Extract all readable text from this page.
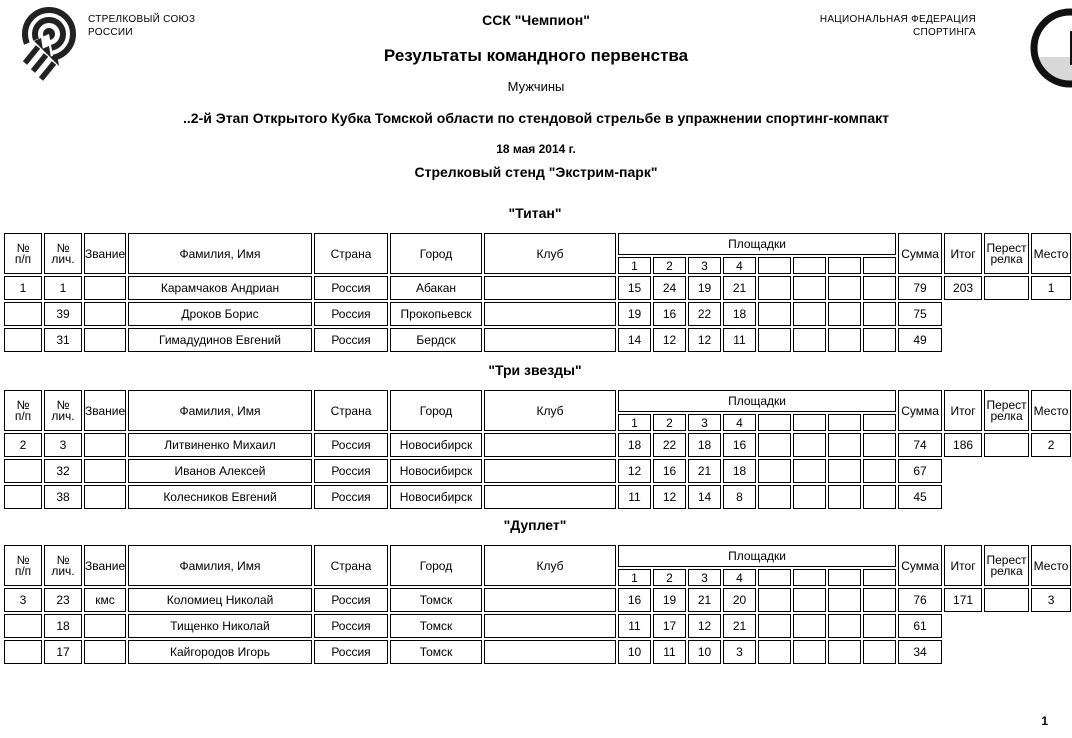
СТРЕЛКОВЫЙ СОЮЗ
РОССИИ
НАЦИОНАЛЬНАЯ ФЕДЕРАЦИЯ
СПОРТИНГА
ССК "Чемпион"
Результаты командного первенства
Мужчины
..2-й Этап Открытого Кубка Томской области по стендовой стрельбе в упражнении спортинг-компакт
18 мая 2014 г.
Стрелковый стенд "Экстрим-парк"
"Титан"
№
п/п	№
лич.	Звание	Фамилия, Имя	Страна	Город	Клуб	Площадки								Сумма	Итог	Перест
релка	Место
							1	2	3	4								
1	1		Карамчаков Андриан	Россия	Абакан		15	24	19	21					79	203		1
	39		Дроков Борис	Россия	Прокопьевск		19	16	22	18					75			
	31		Гимадудинов Евгений	Россия	Бердск		14	12	12	11					49			
"Три звезды"
№
п/п	№
лич.	Звание	Фамилия, Имя	Страна	Город	Клуб	Площадки								Сумма	Итог	Перест
релка	Место
							1	2	3	4								
2	3		Литвиненко Михаил	Россия	Новосибирск		18	22	18	16					74	186		2
	32		Иванов Алексей	Россия	Новосибирск		12	16	21	18					67			
	38		Колесников Евгений	Россия	Новосибирск		11	12	14	8					45			
"Дуплет"
№
п/п	№
лич.	Звание	Фамилия, Имя	Страна	Город	Клуб	Площадки								Сумма	Итог	Перест
релка	Место
							1	2	3	4								
3	23	кмс	Коломиец Николай	Россия	Томск		16	19	21	20					76	171		3
	18		Тищенко Николай	Россия	Томск		11	17	12	21					61			
	17		Кайгородов Игорь	Россия	Томск		10	11	10	3					34			
1
